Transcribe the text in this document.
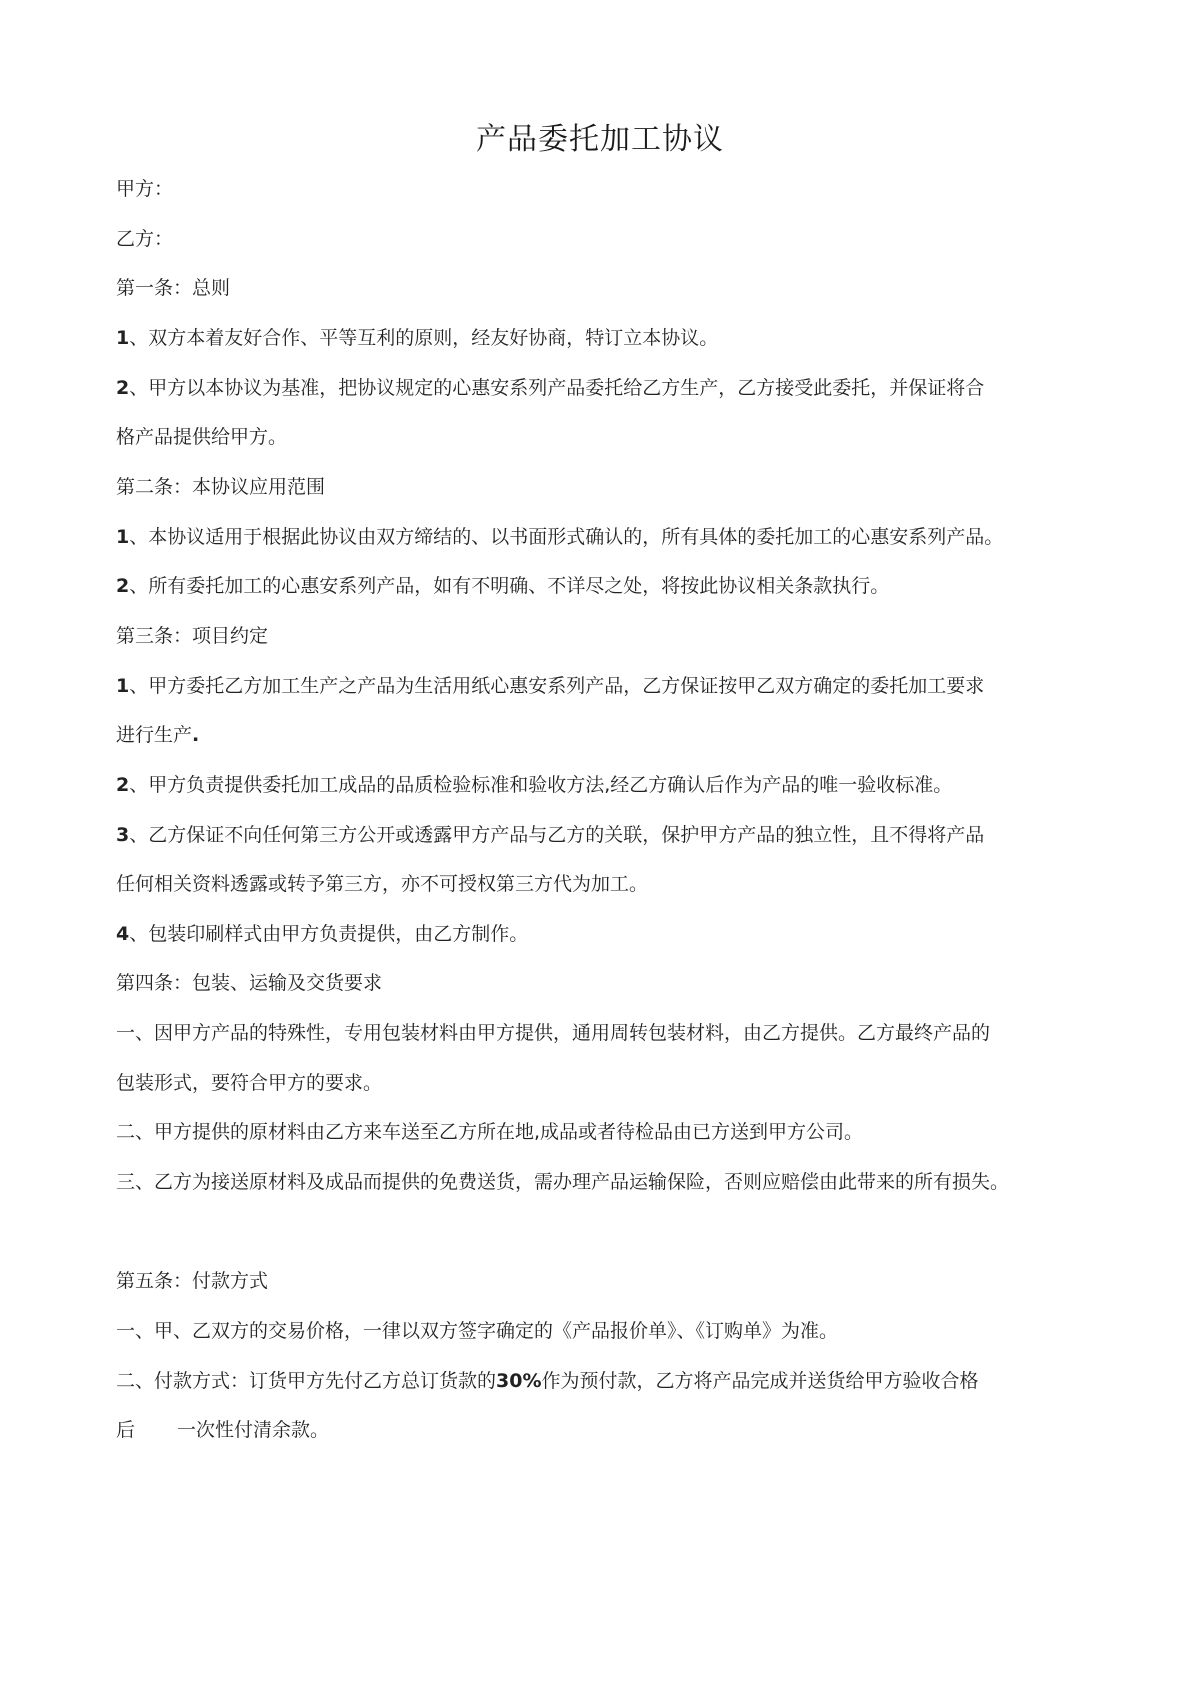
产品委托加工协议
甲方：
乙方：
第一条：总则
1、双方本着友好合作、平等互利的原则，经友好协商，特订立本协议。
2、甲方以本协议为基准，把协议规定的心惠安系列产品委托给乙方生产，乙方接受此委托，并保证将合
格产品提供给甲方。
第二条：本协议应用范围
1、本协议适用于根据此协议由双方缔结的、以书面形式确认的，所有具体的委托加工的心惠安系列产品。
2、所有委托加工的心惠安系列产品，如有不明确、不详尽之处，将按此协议相关条款执行。
第三条：项目约定
1、甲方委托乙方加工生产之产品为生活用纸心惠安系列产品，乙方保证按甲乙双方确定的委托加工要求
进行生产.
2、甲方负责提供委托加工成品的品质检验标准和验收方法,经乙方确认后作为产品的唯一验收标准。
3、乙方保证不向任何第三方公开或透露甲方产品与乙方的关联，保护甲方产品的独立性，且不得将产品
任何相关资料透露或转予第三方，亦不可授权第三方代为加工。
4、包装印刷样式由甲方负责提供，由乙方制作。
第四条：包装、运输及交货要求
一、因甲方产品的特殊性，专用包装材料由甲方提供，通用周转包装材料，由乙方提供。乙方最终产品的
包装形式，要符合甲方的要求。
二、甲方提供的原材料由乙方来车送至乙方所在地,成品或者待检品由已方送到甲方公司。
三、乙方为接送原材料及成品而提供的免费送货，需办理产品运输保险，否则应赔偿由此带来的所有损失。
第五条：付款方式
一、甲、乙双方的交易价格，一律以双方签字确定的《产品报价单》、《订购单》为准。
二、付款方式：订货甲方先付乙方总订货款的30%作为预付款，乙方将产品完成并送货给甲方验收合格
后 一次性付清余款。
